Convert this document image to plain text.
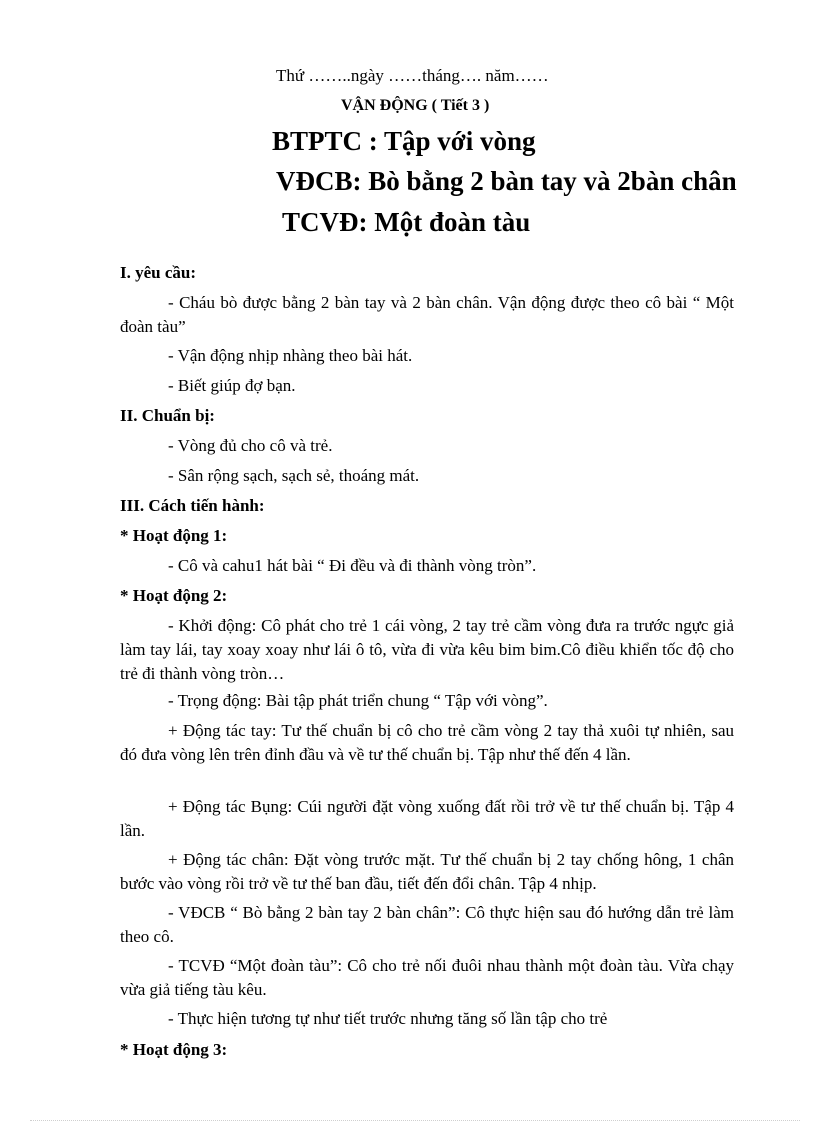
Thứ ……..ngày ……tháng…. năm……
VẬN ĐỘNG ( Tiết 3 )
BTPTC : Tập với vòng
VĐCB: Bò bằng 2 bàn tay và 2bàn chân
TCVĐ: Một đoàn tàu
I. yêu cầu:
- Cháu bò được bằng 2 bàn tay và 2 bàn chân. Vận động được theo cô bài “ Một đoàn tàu”
- Vận động nhịp nhàng theo bài hát.
- Biết giúp đợ bạn.
II. Chuẩn bị:
- Vòng đủ cho cô và trẻ.
- Sân rộng sạch, sạch sẻ, thoáng mát.
III. Cách tiến hành:
* Hoạt động 1:
- Cô và cahu1 hát bài “ Đi đều và đi thành vòng tròn”.
* Hoạt động 2:
- Khởi động: Cô phát cho trẻ 1 cái vòng, 2 tay trẻ cầm vòng đưa ra trước ngực giả làm tay lái, tay xoay xoay như lái ô tô, vừa đi vừa kêu bim bim.Cô điều khiển tốc độ cho trẻ đi thành vòng tròn…
- Trọng động: Bài tập phát triển chung “ Tập với vòng”.
+ Động tác tay: Tư thế chuẩn bị cô cho trẻ cầm vòng 2 tay thả xuôi tự nhiên, sau đó đưa vòng lên trên đỉnh đầu và về tư thế chuẩn bị. Tập như thế đến 4 lần.
+ Động tác Bụng: Cúi người đặt vòng xuống đất rồi trở về tư thế chuẩn bị. Tập 4 lần.
+ Động tác chân: Đặt vòng trước mặt. Tư thế chuẩn bị 2 tay chống hông, 1 chân bước vào vòng rồi trở về tư thế ban đầu, tiết đến đổi chân. Tập 4 nhịp.
- VĐCB “ Bò bằng 2 bàn tay 2 bàn chân”: Cô thực hiện sau đó hướng dẫn trẻ làm theo cô.
- TCVĐ “Một đoàn tàu”: Cô cho trẻ nối đuôi nhau thành một đoàn tàu. Vừa chạy vừa giả tiếng tàu kêu.
- Thực hiện tương tự như tiết trước nhưng tăng số lần tập cho trẻ
* Hoạt động 3:
